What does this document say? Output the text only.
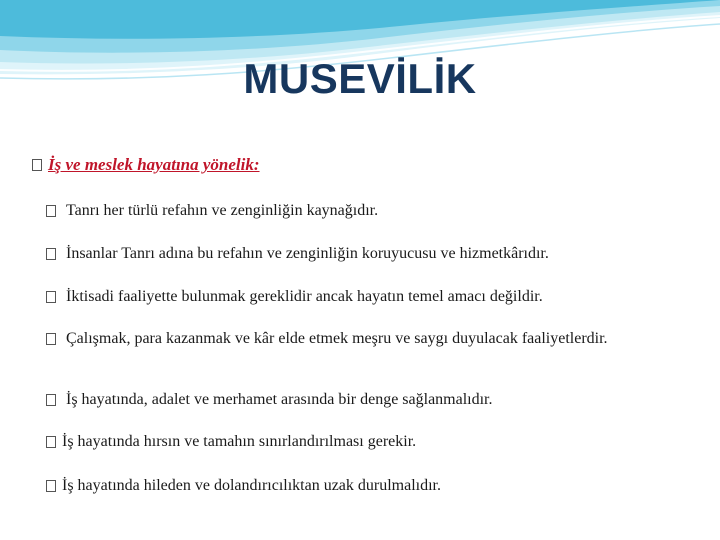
MUSEVİLİK
İş ve meslek hayatına yönelik:
Tanrı her türlü refahın ve zenginliğin kaynağıdır.
İnsanlar Tanrı adına bu refahın ve zenginliğin koruyucusu ve hizmetkârıdır.
İktisadi faaliyette bulunmak gereklidir ancak hayatın temel amacı değildir.
Çalışmak, para kazanmak ve kâr elde etmek meşru ve saygı duyulacak faaliyetlerdir.
İş hayatında, adalet ve merhamet arasında bir denge sağlanmalıdır.
İş hayatında hırsın ve tamahın sınırlandırılması gerekir.
İş hayatında hileden ve dolandırıcılıktan uzak durulmalıdır.
